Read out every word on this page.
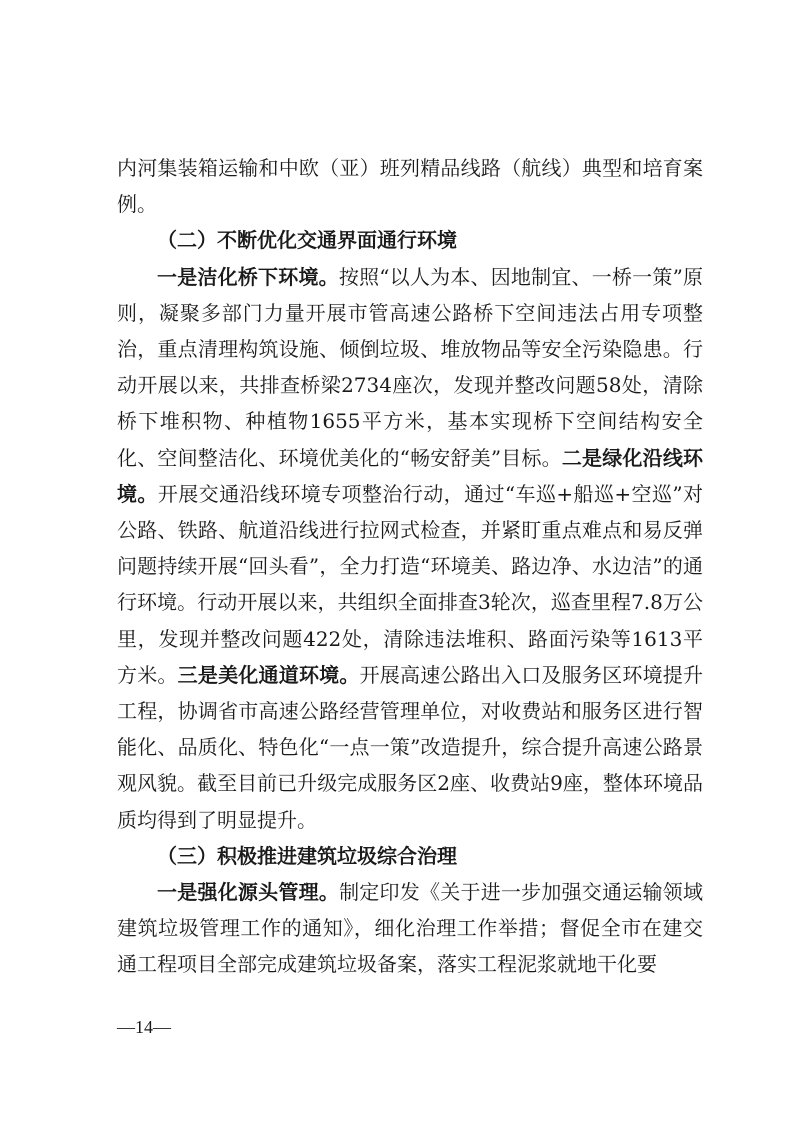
内河集装箱运输和中欧（亚）班列精品线路（航线）典型和培育案例。

（二）不断优化交通界面通行环境

一是洁化桥下环境。按照“以人为本、因地制宜、一桥一策”原则，凝聚多部门力量开展市管高速公路桥下空间违法占用专项整治，重点清理构筑设施、倾倒垃圾、堆放物品等安全污染隐患。行动开展以来，共排查桥梁2734座次，发现并整改问题58处，清除桥下堆积物、种植物1655平方米，基本实现桥下空间结构安全化、空间整洁化、环境优美化的“畅安舒美”目标。二是绿化沿线环境。开展交通沿线环境专项整治行动，通过“车巡+船巡+空巡”对公路、铁路、航道沿线进行拉网式检查，并紧盯重点难点和易反弹问题持续开展“回头看”，全力打造“环境美、路边净、水边洁”的通行环境。行动开展以来，共组织全面排查3轮次，巡查里程7.8万公里，发现并整改问题422处，清除违法堆积、路面污染等1613平方米。三是美化通道环境。开展高速公路出入口及服务区环境提升工程，协调省市高速公路经营管理单位，对收费站和服务区进行智能化、品质化、特色化“一点一策”改造提升，综合提升高速公路景观风貌。截至目前已升级完成服务区2座、收费站9座，整体环境品质均得到了明显提升。

（三）积极推进建筑垃圾综合治理

一是强化源头管理。制定印发《关于进一步加强交通运输领域建筑垃圾管理工作的通知》，细化治理工作举措；督促全市在建交通工程项目全部完成建筑垃圾备案，落实工程泥浆就地干化要

—14—
